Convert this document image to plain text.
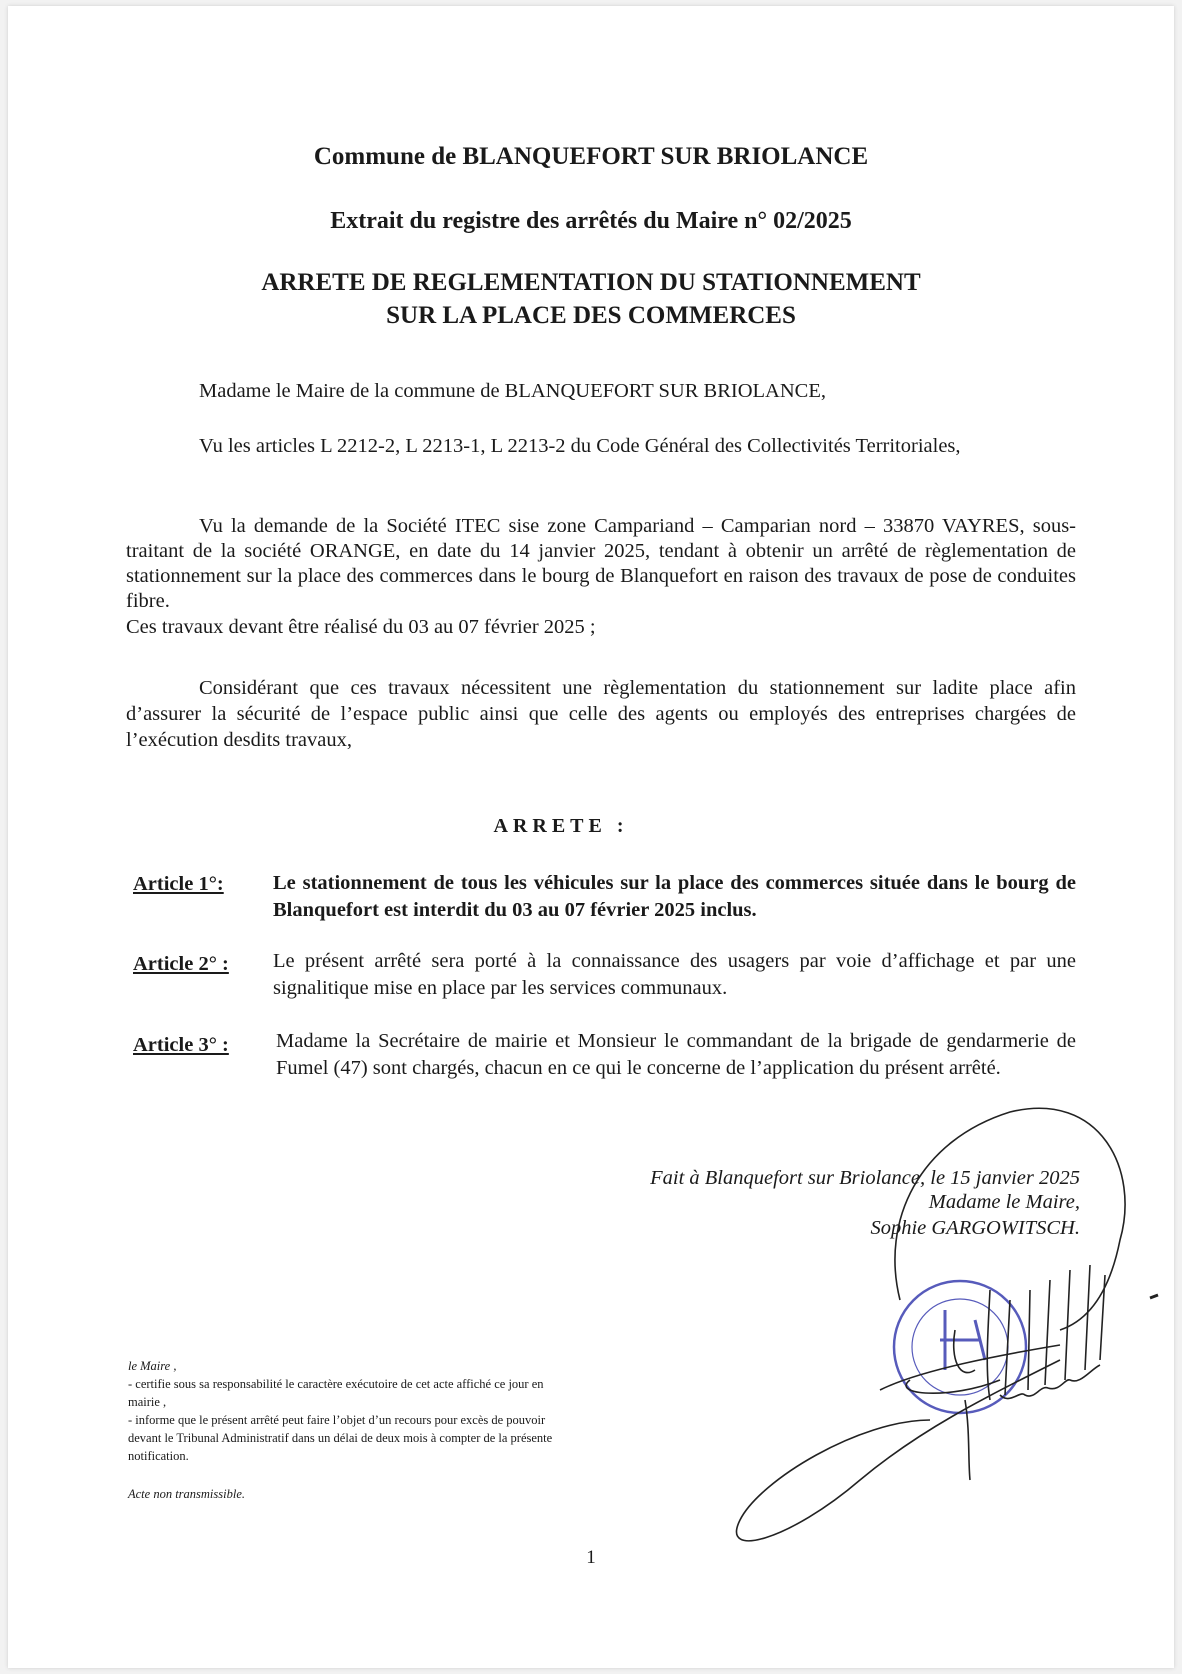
Commune de BLANQUEFORT SUR BRIOLANCE
Extrait du registre des arrêtés du Maire n° 02/2025
ARRETE DE REGLEMENTATION DU STATIONNEMENT
SUR LA PLACE DES COMMERCES
Madame le Maire de la commune de BLANQUEFORT SUR BRIOLANCE,
Vu les articles L 2212-2, L 2213-1, L 2213-2 du Code Général des Collectivités Territoriales,
Vu la demande de la Société ITEC sise zone Campariand – Camparian nord – 33870 VAYRES, sous-traitant de la société ORANGE, en date du 14 janvier 2025, tendant à obtenir un arrêté de règlementation de stationnement sur la place des commerces dans le bourg de Blanquefort en raison des travaux de pose de conduites fibre.
Ces travaux devant être réalisé du 03 au 07 février 2025 ;
Considérant que ces travaux nécessitent une règlementation du stationnement sur ladite place afin d’assurer la sécurité de l’espace public ainsi que celle des agents ou employés des entreprises chargées de l’exécution desdits travaux,
ARRETE :
Article 1°: Le stationnement de tous les véhicules sur la place des commerces située dans le bourg de Blanquefort est interdit du 03 au 07 février 2025 inclus.
Article 2° : Le présent arrêté sera porté à la connaissance des usagers par voie d’affichage et par une signalitique mise en place par les services communaux.
Article 3° : Madame la Secrétaire de mairie et Monsieur le commandant de la brigade de gendarmerie de Fumel (47) sont chargés, chacun en ce qui le concerne de l’application du présent arrêté.
Fait à Blanquefort sur Briolance, le 15 janvier 2025
Madame le Maire,
Sophie GARGOWITSCH.
le Maire ,
- certifie sous sa responsabilité le caractère exécutoire de cet acte affiché ce jour en mairie ,
- informe que le présent arrêté peut faire l’objet d’un recours pour excès de pouvoir devant le Tribunal Administratif dans un délai de deux mois à compter de la présente notification.
Acte non transmissible.
1
